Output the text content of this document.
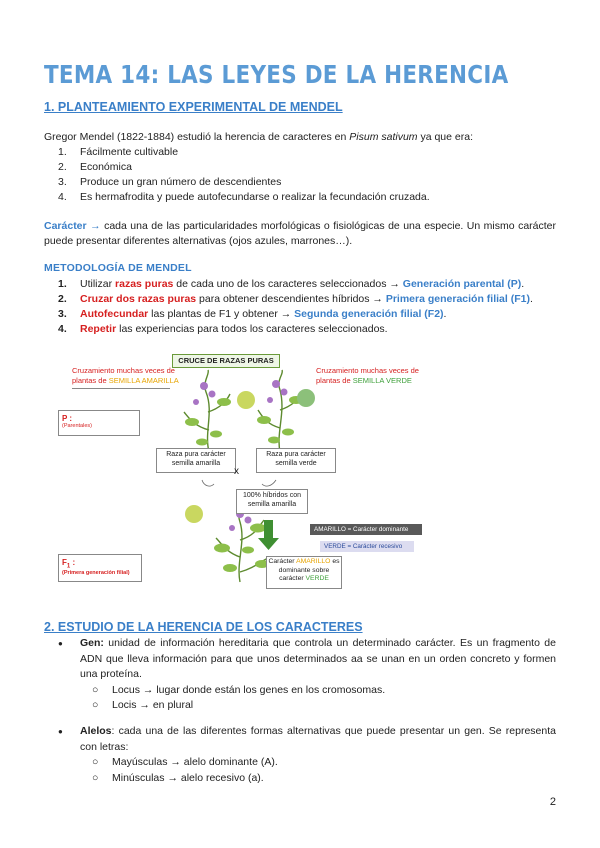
TEMA 14: LAS LEYES DE LA HERENCIA
1. PLANTEAMIENTO EXPERIMENTAL DE MENDEL
Gregor Mendel (1822-1884) estudió la herencia de caracteres en Pisum sativum ya que era:
1. Fácilmente cultivable
2. Económica
3. Produce un gran número de descendientes
4. Es hermafrodita y puede autofecundarse o realizar la fecundación cruzada.
Carácter → cada una de las particularidades morfológicas o fisiológicas de una especie. Un mismo carácter puede presentar diferentes alternativas (ojos azules, marrones…).
METODOLOGÍA DE MENDEL
1. Utilizar razas puras de cada uno de los caracteres seleccionados → Generación parental (P).
2. Cruzar dos razas puras para obtener descendientes híbridos → Primera generación filial (F1).
3. Autofecundar las plantas de F1 y obtener → Segunda generación filial (F2).
4. Repetir las experiencias para todos los caracteres seleccionados.
CRUCE DE RAZAS PURAS
Cruzamiento muchas veces de
plantas de SEMILLA AMARILLA
Cruzamiento muchas veces de
plantas de SEMILLA VERDE
P :
(Parentales)
Raza pura carácter
semilla amarilla
Raza pura carácter
semilla verde
x
100% híbridos con
semilla amarilla
AMARILLO = Carácter dominante
VERDE = Carácter recesivo
$F_1$ :
(Primera generación filial)
Carácter AMARILLO es
dominante sobre
carácter VERDE
2. ESTUDIO DE LA HERENCIA DE LOS CARACTERES
●	Gen: unidad de información hereditaria que controla un determinado carácter. Es un fragmento de ADN que lleva información para que unos determinados aa se unan en un orden concreto y formen una proteína.
○ Locus → lugar donde están los genes en los cromosomas.
○ Locis → en plural
●	Alelos: cada una de las diferentes formas alternativas que puede presentar un gen. Se representa con letras:
○ Mayúsculas → alelo dominante (A).
○ Minúsculas → alelo recesivo (a).
2
